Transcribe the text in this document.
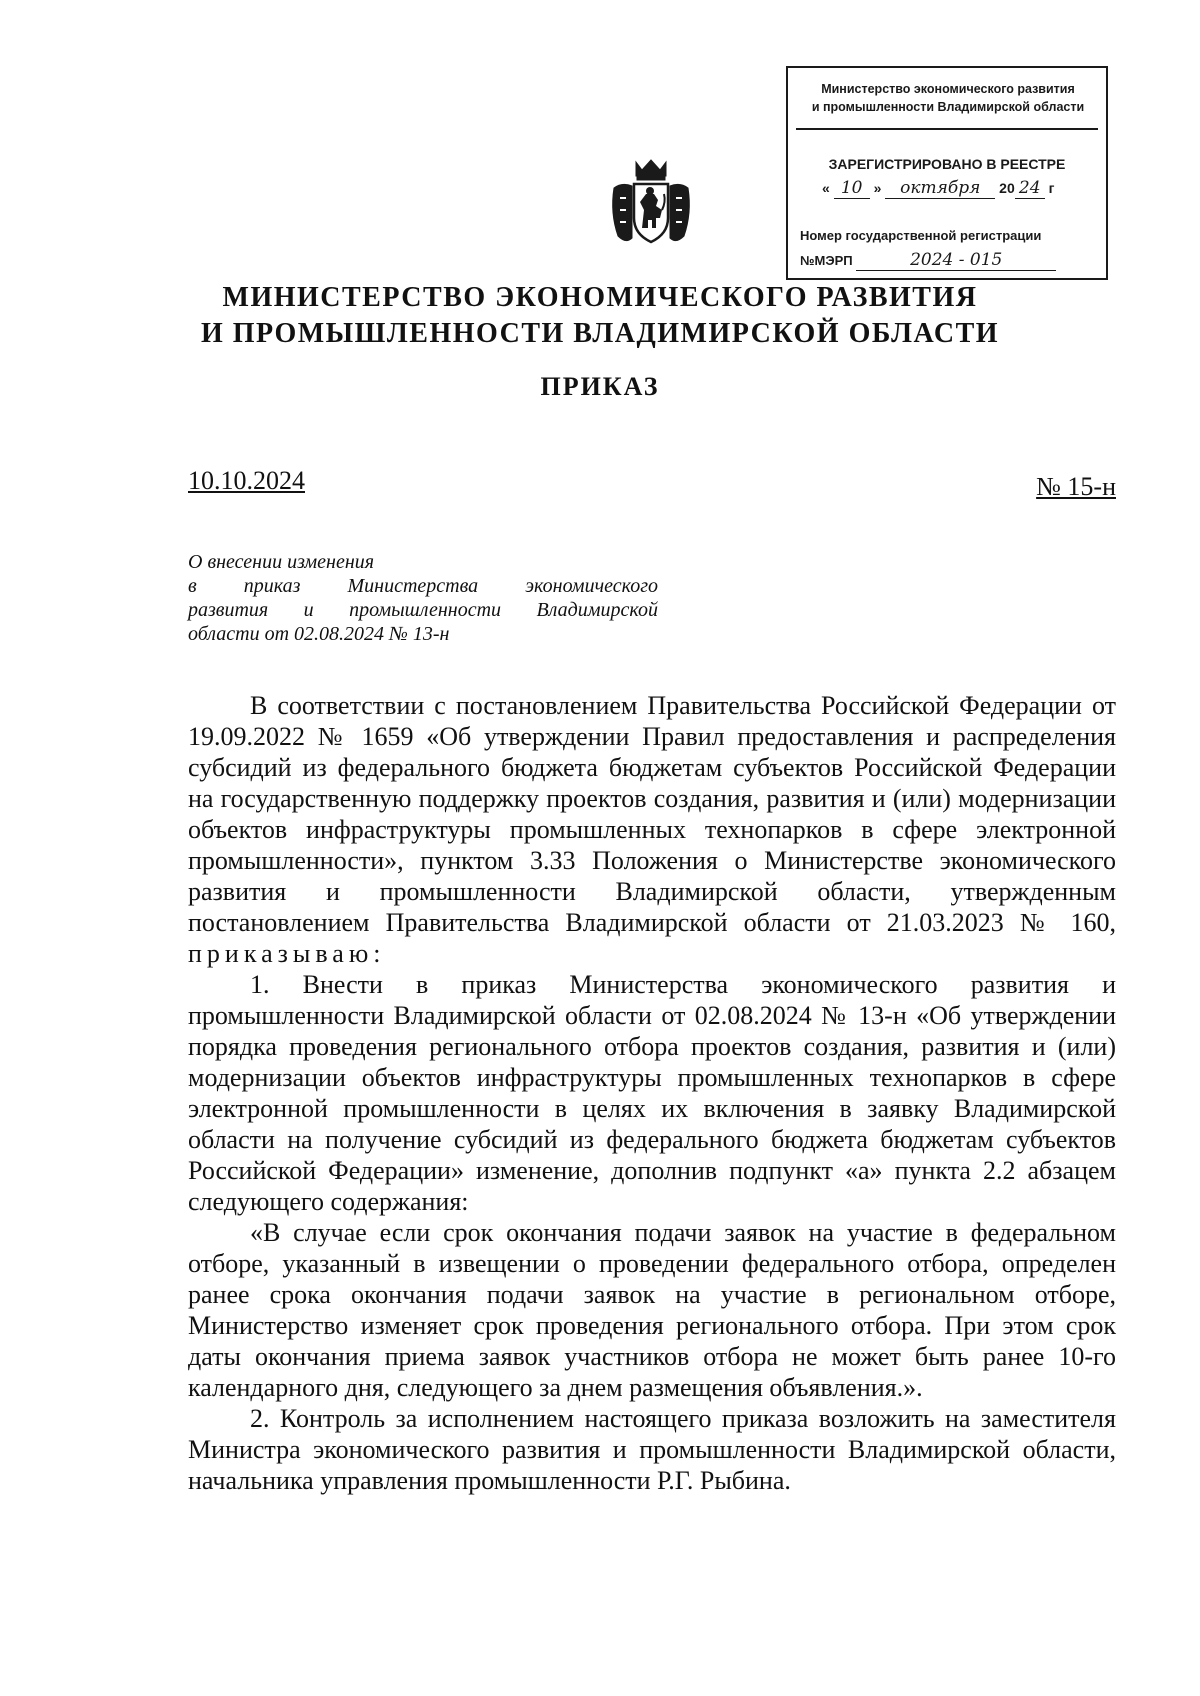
Министерство экономического развития
и промышленности Владимирской области
ЗАРЕГИСТРИРОВАНО В РЕЕСТРЕ
« 10 » октября 20 24 г
Номер государственной регистрации
№МЭРП	2024 - 015
МИНИСТЕРСТВО ЭКОНОМИЧЕСКОГО РАЗВИТИЯ
И ПРОМЫШЛЕННОСТИ ВЛАДИМИРСКОЙ ОБЛАСТИ
ПРИКАЗ
10.10.2024	№ 15-н
О внесении изменения
в приказ Министерства экономического
развития и промышленности Владимирской
области от 02.08.2024 № 13-н

В соответствии с постановлением Правительства Российской Федерации от 19.09.2022 № 1659 «Об утверждении Правил предоставления и распределения субсидий из федерального бюджета бюджетам субъектов Российской Федерации на государственную поддержку проектов создания, развития и (или) модернизации объектов инфраструктуры промышленных технопарков в сфере электронной промышленности», пунктом 3.33 Положения о Министерстве экономического развития и промышленности Владимирской области, утвержденным постановлением Правительства Владимирской области от 21.03.2023 № 160, приказываю:

1. Внести в приказ Министерства экономического развития и промышленности Владимирской области от 02.08.2024 № 13-н «Об утверждении порядка проведения регионального отбора проектов создания, развития и (или) модернизации объектов инфраструктуры промышленных технопарков в сфере электронной промышленности в целях их включения в заявку Владимирской области на получение субсидий из федерального бюджета бюджетам субъектов Российской Федерации» изменение, дополнив подпункт «а» пункта 2.2 абзацем следующего содержания:

«В случае если срок окончания подачи заявок на участие в федеральном отборе, указанный в извещении о проведении федерального отбора, определен ранее срока окончания подачи заявок на участие в региональном отборе, Министерство изменяет срок проведения регионального отбора. При этом срок даты окончания приема заявок участников отбора не может быть ранее 10-го календарного дня, следующего за днем размещения объявления.».

2. Контроль за исполнением настоящего приказа возложить на заместителя Министра экономического развития и промышленности Владимирской области, начальника управления промышленности Р.Г. Рыбина.
